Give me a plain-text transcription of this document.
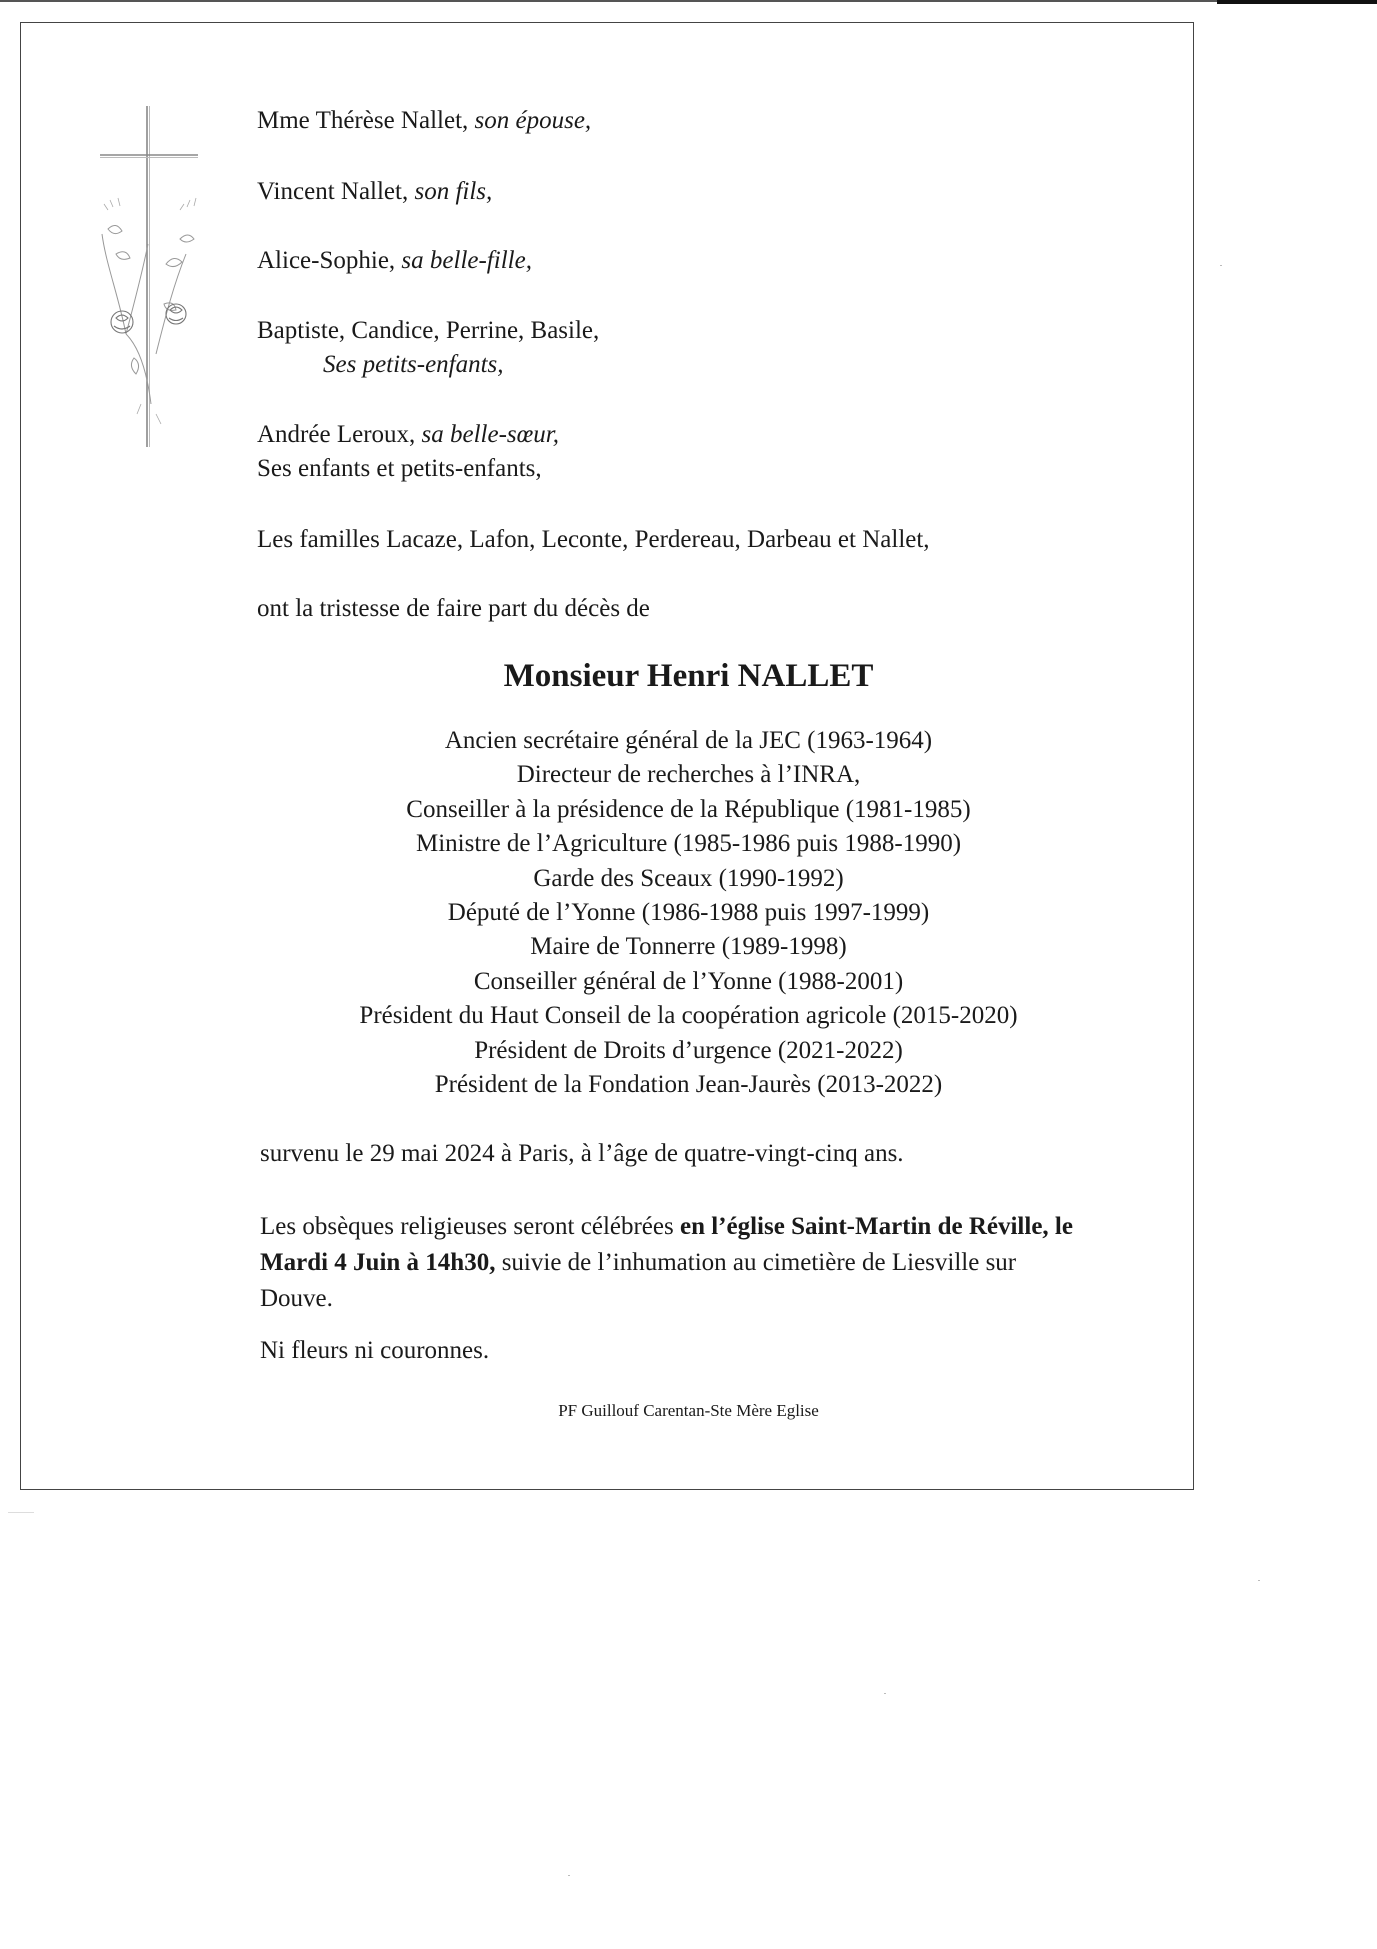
Mme Thérèse Nallet, son épouse,
Vincent Nallet, son fils,
Alice-Sophie, sa belle-fille,
Baptiste, Candice, Perrine, Basile,
Ses petits-enfants,
Andrée Leroux, sa belle-sœur,
Ses enfants et petits-enfants,
Les familles Lacaze, Lafon, Leconte, Perdereau, Darbeau et Nallet,
ont la tristesse de faire part du décès de
Monsieur Henri NALLET
Ancien secrétaire général de la JEC (1963-1964)
Directeur de recherches à l’INRA,
Conseiller à la présidence de la République (1981-1985)
Ministre de l’Agriculture (1985-1986 puis 1988-1990)
Garde des Sceaux (1990-1992)
Député de l’Yonne (1986-1988 puis 1997-1999)
Maire de Tonnerre (1989-1998)
Conseiller général de l’Yonne (1988-2001)
Président du Haut Conseil de la coopération agricole (2015-2020)
Président de Droits d’urgence (2021-2022)
Président de la Fondation Jean-Jaurès (2013-2022)
survenu le 29 mai 2024 à Paris, à l’âge de quatre-vingt-cinq ans.
Les obsèques religieuses seront célébrées en l’église Saint-Martin de Réville, le Mardi 4 Juin à 14h30, suivie de l’inhumation au cimetière de Liesville sur Douve.
Ni fleurs ni couronnes.
PF Guillouf Carentan-Ste Mère Eglise
